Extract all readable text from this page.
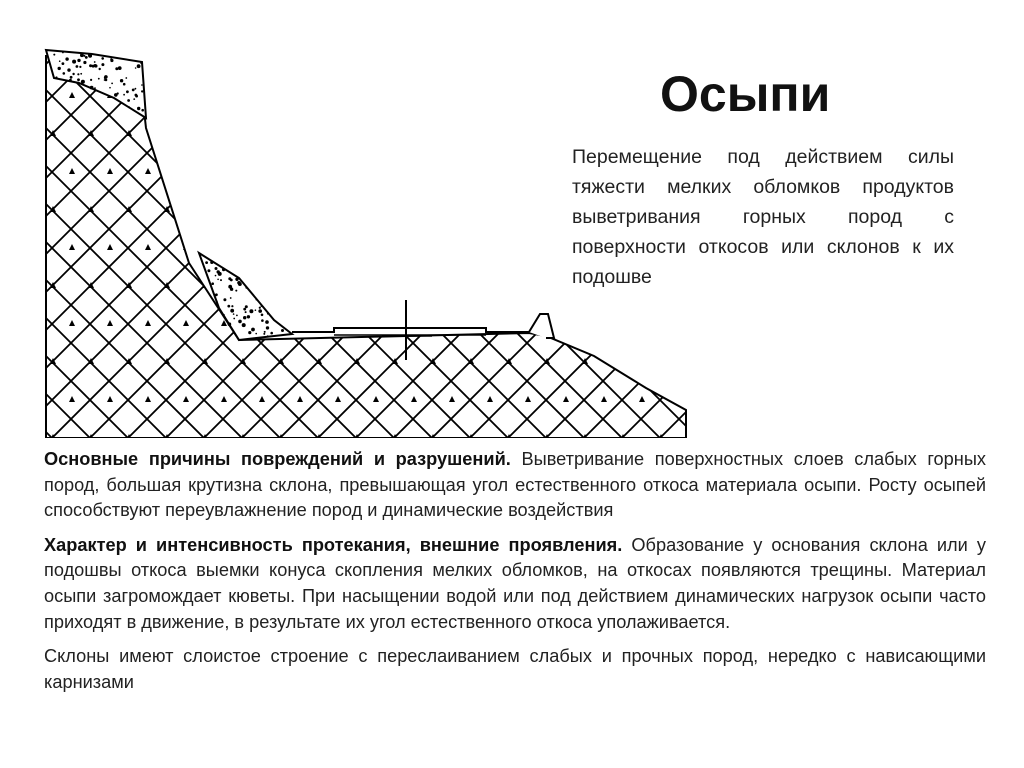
Осыпи
Перемещение под действием силы тяжести мелких обломков продуктов выветривания горных пород с поверхности откосов или склонов к их подошве

Основные причины повреждений и разрушений. Выветривание поверхностных слоев слабых горных пород, большая крутизна склона, превышающая угол естественного откоса материала осыпи. Росту осыпей способствуют переувлажнение пород и динамические воздействия

Характер и интенсивность протекания, внешние проявления. Образование у основания склона или у подошвы откоса выемки конуса скопления мелких обломков, на откосах появляются трещины. Материал осыпи загромождает кюветы. При насыщении водой или под действием динамических нагрузок осыпи часто приходят в движение, в результате их угол естественного откоса уполаживается.

Склоны имеют слоистое строение с переслаиванием слабых и прочных пород, нередко с нависающими карнизами
